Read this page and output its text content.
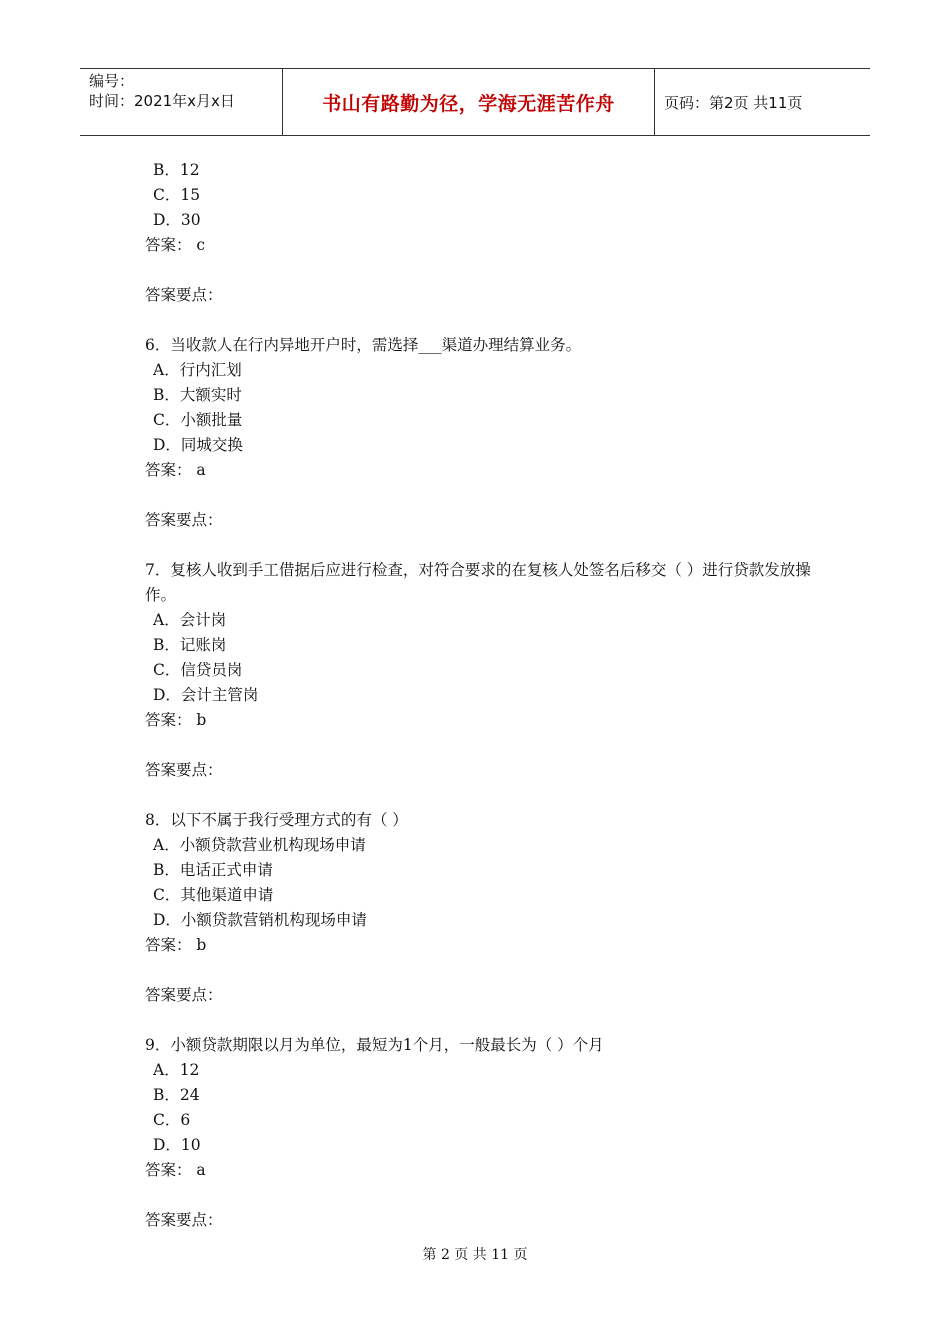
编号：
时间：2021年x月x日	书山有路勤为径，学海无涯苦作舟	页码：第2页 共11页
B．12
C．15
D．30
答案： c
答案要点：
6．当收款人在行内异地开户时，需选择___渠道办理结算业务。
A．行内汇划
B．大额实时
C．小额批量
D．同城交换
答案： a
答案要点：
7．复核人收到手工借据后应进行检查，对符合要求的在复核人处签名后移交（ ）进行贷款发放操作。
A．会计岗
B．记账岗
C．信贷员岗
D．会计主管岗
答案： b
答案要点：
8．以下不属于我行受理方式的有（ ）
A．小额贷款营业机构现场申请
B．电话正式申请
C．其他渠道申请
D．小额贷款营销机构现场申请
答案： b
答案要点：
9．小额贷款期限以月为单位，最短为1个月，一般最长为（ ）个月
A．12
B．24
C．6
D．10
答案： a
答案要点：
第 2 页 共 11 页
